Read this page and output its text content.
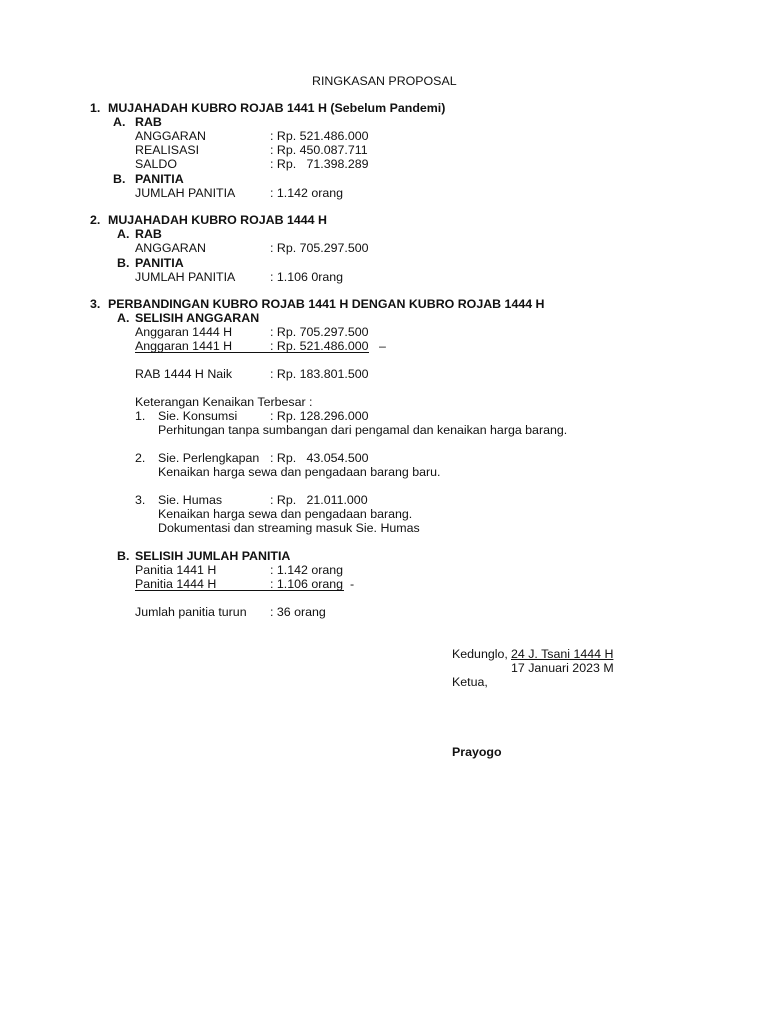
RINGKASAN PROPOSAL
1. MUJAHADAH KUBRO ROJAB 1441 H (Sebelum Pandemi)
A. RAB
ANGGARAN	: Rp. 521.486.000
REALISASI	: Rp. 450.087.711
SALDO	: Rp.   71.398.289
B. PANITIA
JUMLAH PANITIA	: 1.142 orang
2. MUJAHADAH KUBRO ROJAB 1444 H
A. RAB
ANGGARAN	: Rp. 705.297.500
B. PANITIA
JUMLAH PANITIA	: 1.106 0rang
3. PERBANDINGAN KUBRO ROJAB 1441 H DENGAN KUBRO ROJAB 1444 H
A. SELISIH ANGGARAN
Anggaran 1444 H	: Rp. 705.297.500
Anggaran 1441 H	: Rp. 521.486.000 –
RAB 1444 H Naik	: Rp. 183.801.500
Keterangan Kenaikan Terbesar :
1. Sie. Konsumsi	: Rp. 128.296.000
Perhitungan tanpa sumbangan dari pengamal dan kenaikan harga barang.
2. Sie. Perlengkapan : Rp.   43.054.500
Kenaikan harga sewa dan pengadaan barang baru.
3. Sie. Humas	: Rp.   21.011.000
Kenaikan harga sewa dan pengadaan barang.
Dokumentasi dan streaming masuk Sie. Humas
B. SELISIH JUMLAH PANITIA
Panitia 1441 H	: 1.142 orang
Panitia 1444 H	: 1.106 orang -
Jumlah panitia turun : 36 orang
Kedunglo, 24 J. Tsani 1444 H
17 Januari 2023 M
Ketua,
Prayogo
